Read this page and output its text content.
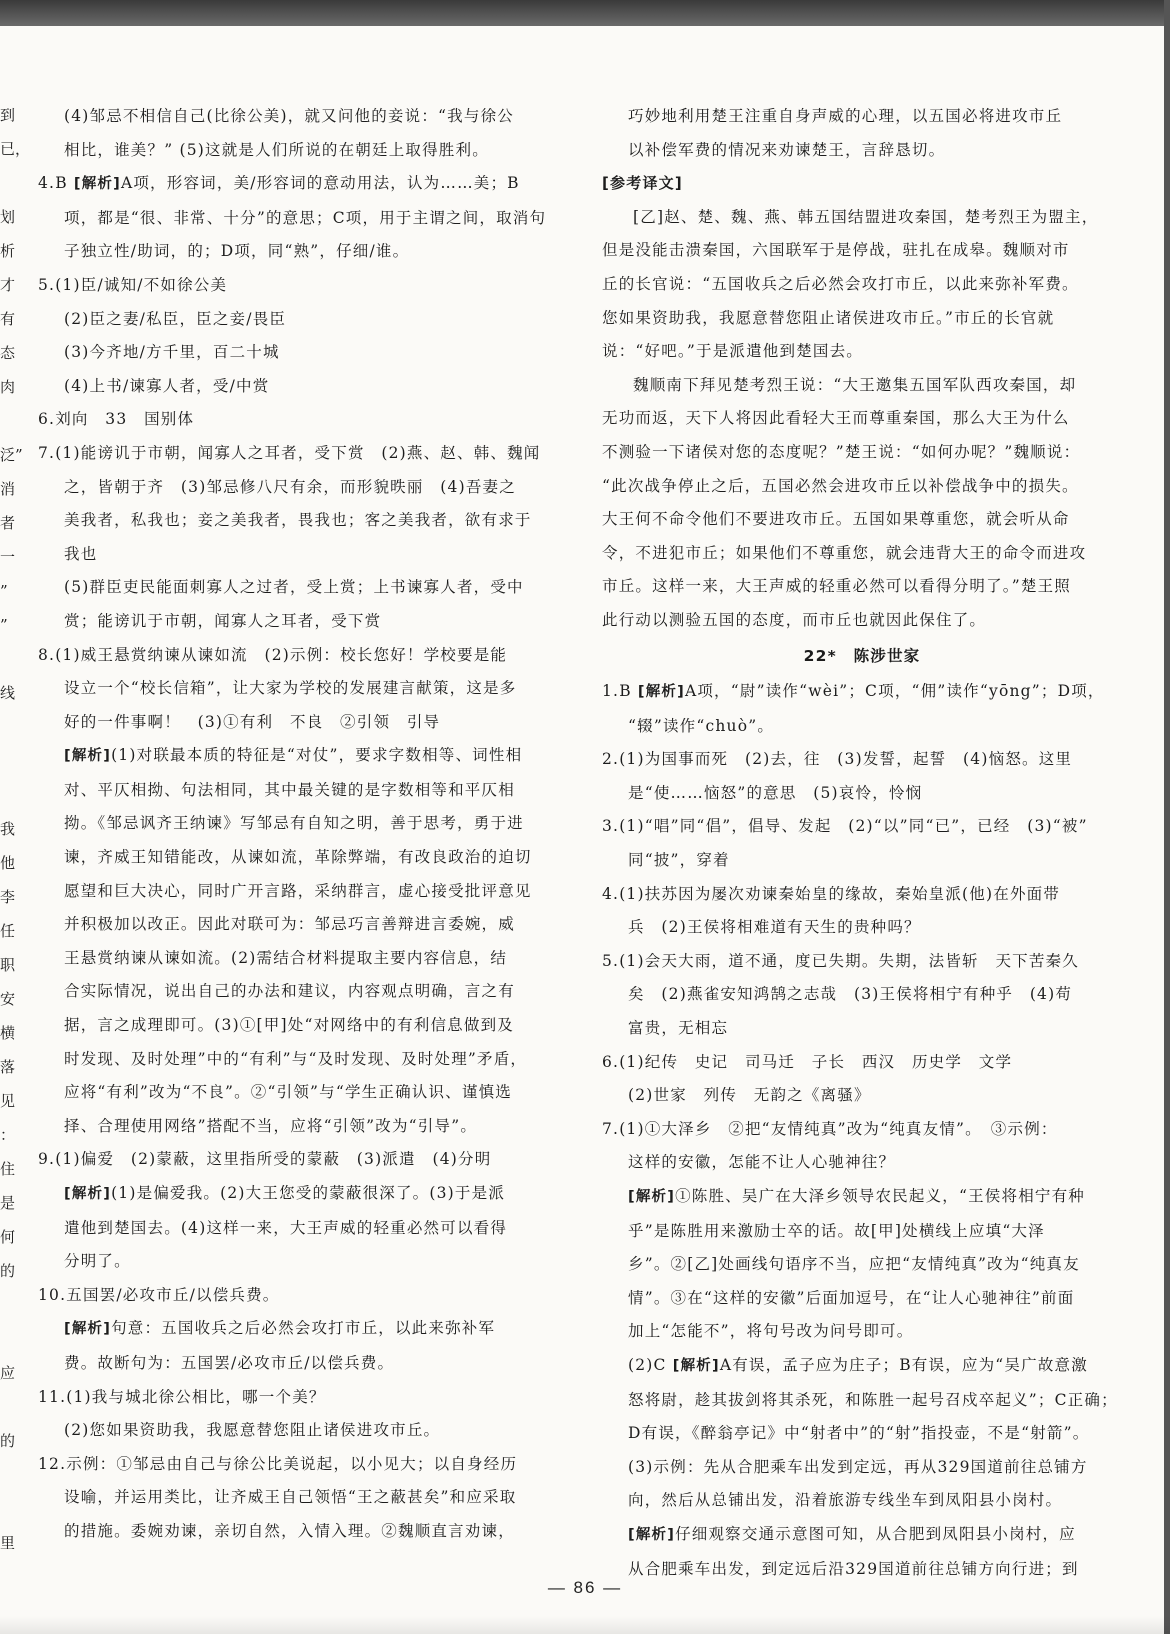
到
已，
划
析
才
有
态
肉
泛”
消
者
一
”
”
线
我
他
李
任
职
安
横
落
见
：
住
是
何
的
应
的
里

(4)邹忌不相信自己(比徐公美)，就又问他的妾说：“我与徐公

相比，谁美？” (5)这就是人们所说的在朝廷上取得胜利。

4.B [解析]A项，形容词，美/形容词的意动用法，认为……美；B

项，都是“很、非常、十分”的意思；C项，用于主谓之间，取消句

子独立性/助词，的；D项，同“熟”，仔细/谁。

5.(1)臣/诚知/不如徐公美

(2)臣之妻/私臣，臣之妾/畏臣

(3)今齐地/方千里，百二十城

(4)上书/谏寡人者，受/中赏

6.刘向　33　国别体

7.(1)能谤讥于市朝，闻寡人之耳者，受下赏　(2)燕、赵、韩、魏闻

之，皆朝于齐　(3)邹忌修八尺有余，而形貌昳丽　(4)吾妻之

美我者，私我也；妾之美我者，畏我也；客之美我者，欲有求于

我也

(5)群臣吏民能面刺寡人之过者，受上赏；上书谏寡人者，受中

赏；能谤讥于市朝，闻寡人之耳者，受下赏

8.(1)威王悬赏纳谏从谏如流　(2)示例：校长您好！学校要是能

设立一个“校长信箱”，让大家为学校的发展建言献策，这是多

好的一件事啊！　(3)①有利　不良　②引领　引导

[解析](1)对联最本质的特征是“对仗”，要求字数相等、词性相

对、平仄相拗、句法相同，其中最关键的是字数相等和平仄相

拗。《邹忌讽齐王纳谏》写邹忌有自知之明，善于思考，勇于进

谏，齐威王知错能改，从谏如流，革除弊端，有改良政治的迫切

愿望和巨大决心，同时广开言路，采纳群言，虚心接受批评意见

并积极加以改正。因此对联可为：邹忌巧言善辩进言委婉，威

王悬赏纳谏从谏如流。(2)需结合材料提取主要内容信息，结

合实际情况，说出自己的办法和建议，内容观点明确，言之有

据，言之成理即可。(3)①[甲]处“对网络中的有利信息做到及

时发现、及时处理”中的“有利”与“及时发现、及时处理”矛盾，

应将“有利”改为“不良”。②“引领”与“学生正确认识、谨慎选

择、合理使用网络”搭配不当，应将“引领”改为“引导”。

9.(1)偏爱　(2)蒙蔽，这里指所受的蒙蔽　(3)派遣　(4)分明

[解析](1)是偏爱我。(2)大王您受的蒙蔽很深了。(3)于是派

遣他到楚国去。(4)这样一来，大王声威的轻重必然可以看得

分明了。

10.五国罢/必攻市丘/以偿兵费。

[解析]句意：五国收兵之后必然会攻打市丘，以此来弥补军

费。故断句为：五国罢/必攻市丘/以偿兵费。

11.(1)我与城北徐公相比，哪一个美？

(2)您如果资助我，我愿意替您阻止诸侯进攻市丘。

12.示例：①邹忌由自己与徐公比美说起，以小见大；以自身经历

设喻，并运用类比，让齐威王自己领悟“王之蔽甚矣”和应采取

的措施。委婉劝谏，亲切自然，入情入理。②魏顺直言劝谏，

巧妙地利用楚王注重自身声威的心理，以五国必将进攻市丘

以补偿军费的情况来劝谏楚王，言辞恳切。

[参考译文]

[乙]赵、楚、魏、燕、韩五国结盟进攻秦国，楚考烈王为盟主，

但是没能击溃秦国，六国联军于是停战，驻扎在成皋。魏顺对市

丘的长官说：“五国收兵之后必然会攻打市丘，以此来弥补军费。

您如果资助我，我愿意替您阻止诸侯进攻市丘。”市丘的长官就

说：“好吧。”于是派遣他到楚国去。

魏顺南下拜见楚考烈王说：“大王邀集五国军队西攻秦国，却

无功而返，天下人将因此看轻大王而尊重秦国，那么大王为什么

不测验一下诸侯对您的态度呢？”楚王说：“如何办呢？”魏顺说：

“此次战争停止之后，五国必然会进攻市丘以补偿战争中的损失。

大王何不命令他们不要进攻市丘。五国如果尊重您，就会听从命

令，不进犯市丘；如果他们不尊重您，就会违背大王的命令而进攻

市丘。这样一来，大王声威的轻重必然可以看得分明了。”楚王照

此行动以测验五国的态度，而市丘也就因此保住了。

22*　陈涉世家

1.B [解析]A项，“尉”读作“wèi”；C项，“佣”读作“yōng”；D项，

“辍”读作“chuò”。

2.(1)为国事而死　(2)去，往　(3)发誓，起誓　(4)恼怒。这里

是“使……恼怒”的意思　(5)哀怜，怜悯

3.(1)“唱”同“倡”，倡导、发起　(2)“以”同“已”，已经　(3)“被”

同“披”，穿着

4.(1)扶苏因为屡次劝谏秦始皇的缘故，秦始皇派(他)在外面带

兵　(2)王侯将相难道有天生的贵种吗？

5.(1)会天大雨，道不通，度已失期。失期，法皆斩　天下苦秦久

矣　(2)燕雀安知鸿鹄之志哉　(3)王侯将相宁有种乎　(4)苟

富贵，无相忘

6.(1)纪传　史记　司马迁　子长　西汉　历史学　文学

(2)世家　列传　无韵之《离骚》

7.(1)①大泽乡　②把“友情纯真”改为“纯真友情”。　③示例：

这样的安徽，怎能不让人心驰神往？

[解析]①陈胜、吴广在大泽乡领导农民起义，“王侯将相宁有种

乎”是陈胜用来激励士卒的话。故[甲]处横线上应填“大泽

乡”。②[乙]处画线句语序不当，应把“友情纯真”改为“纯真友

情”。③在“这样的安徽”后面加逗号，在“让人心驰神往”前面

加上“怎能不”，将句号改为问号即可。

(2)C [解析]A有误，孟子应为庄子；B有误，应为“吴广故意激

怒将尉，趁其拔剑将其杀死，和陈胜一起号召戍卒起义”；C正确；

D有误，《醉翁亭记》中“射者中”的“射”指投壶，不是“射箭”。

(3)示例：先从合肥乘车出发到定远，再从329国道前往总铺方

向，然后从总铺出发，沿着旅游专线坐车到凤阳县小岗村。

[解析]仔细观察交通示意图可知，从合肥到凤阳县小岗村，应

从合肥乘车出发，到定远后沿329国道前往总铺方向行进；到

— 86 —
